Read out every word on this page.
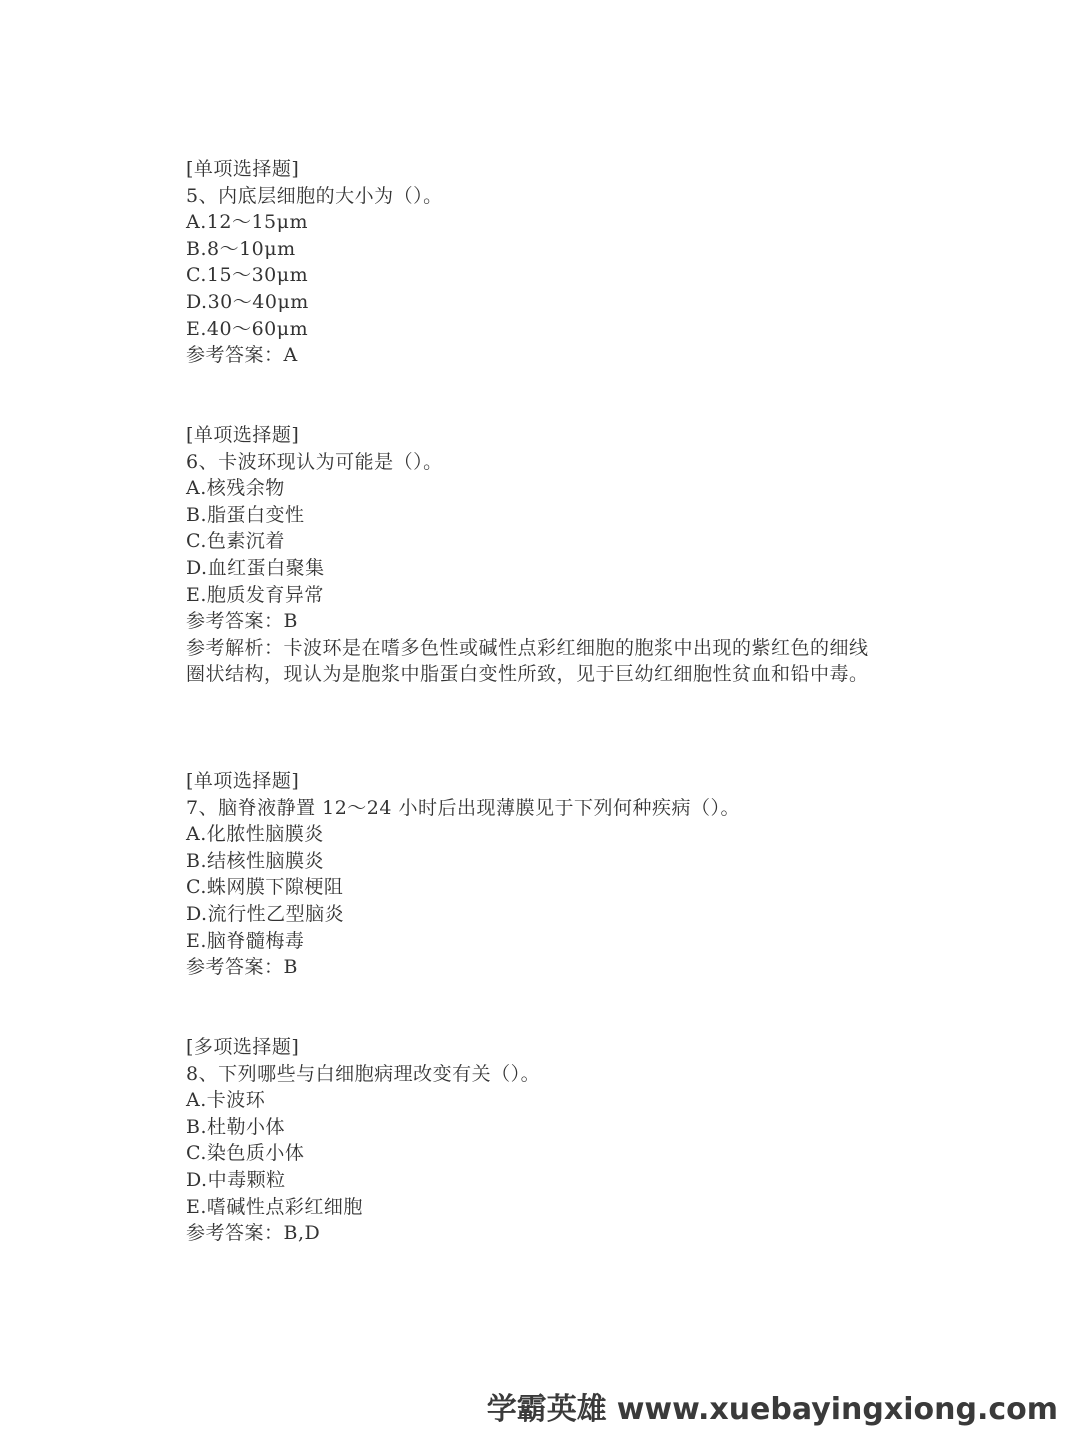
[单项选择题]
5、内底层细胞的大小为（）。
A.12～15μm
B.8～10μm
C.15～30μm
D.30～40μm
E.40～60μm
参考答案：A
[单项选择题]
6、卡波环现认为可能是（）。
A.核残余物
B.脂蛋白变性
C.色素沉着
D.血红蛋白聚集
E.胞质发育异常
参考答案：B
参考解析：卡波环是在嗜多色性或碱性点彩红细胞的胞浆中出现的紫红色的细线圈状结构，现认为是胞浆中脂蛋白变性所致，见于巨幼红细胞性贫血和铅中毒。
[单项选择题]
7、脑脊液静置 12～24 小时后出现薄膜见于下列何种疾病（）。
A.化脓性脑膜炎
B.结核性脑膜炎
C.蛛网膜下隙梗阻
D.流行性乙型脑炎
E.脑脊髓梅毒
参考答案：B
[多项选择题]
8、下列哪些与白细胞病理改变有关（）。
A.卡波环
B.杜勒小体
C.染色质小体
D.中毒颗粒
E.嗜碱性点彩红细胞
参考答案：B,D
学霸英雄 www.xuebayingxiong.com
